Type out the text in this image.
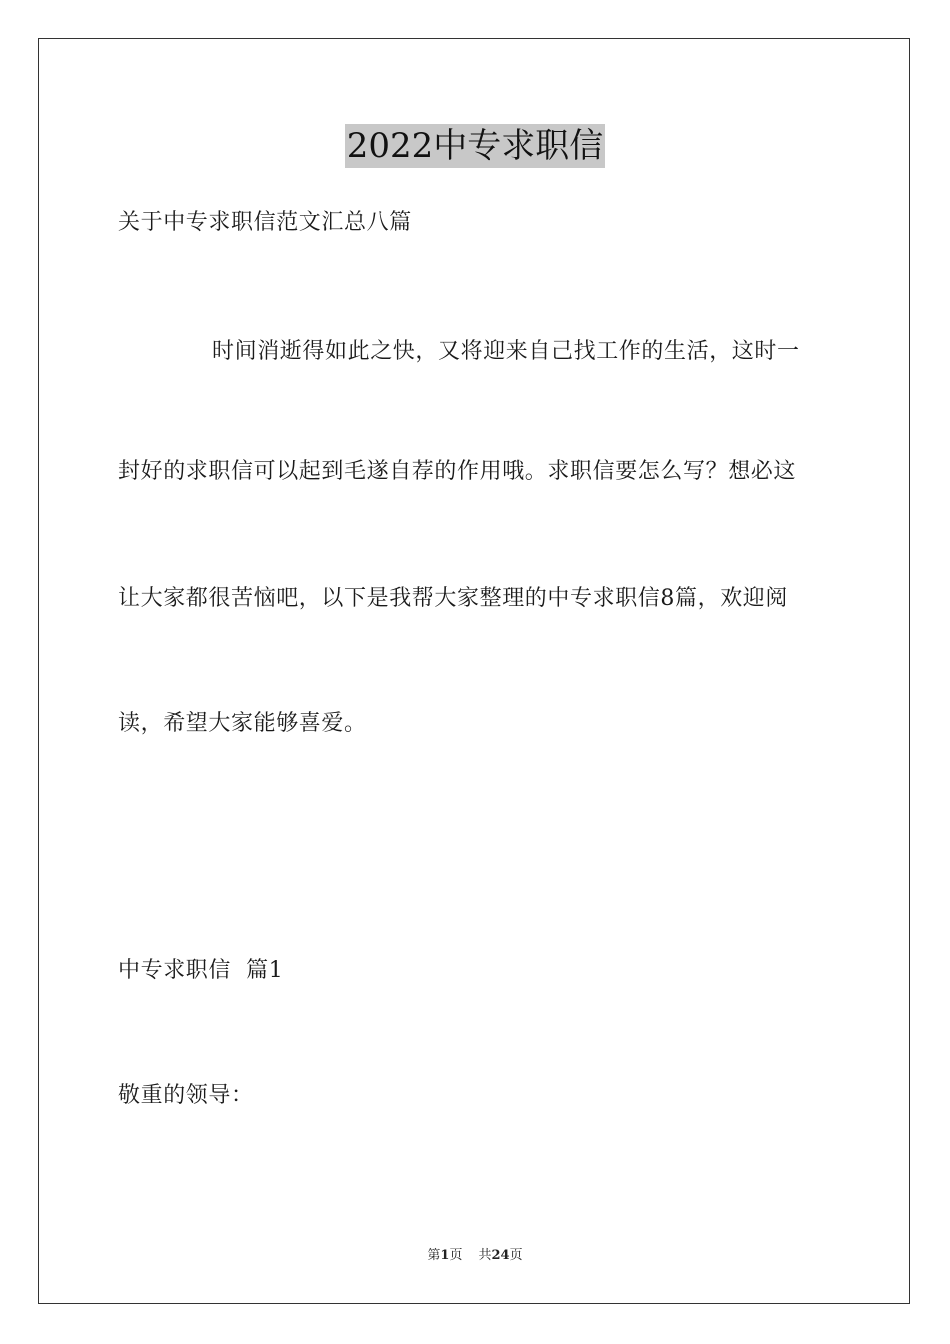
2022中专求职信
关于中专求职信范文汇总八篇
时间消逝得如此之快，又将迎来自己找工作的生活，这时一
封好的求职信可以起到毛遂自荐的作用哦。求职信要怎么写？想必这
让大家都很苦恼吧，以下是我帮大家整理的中专求职信8篇，欢迎阅
读，希望大家能够喜爱。
中专求职信  篇1
敬重的领导：
第1页 共24页
